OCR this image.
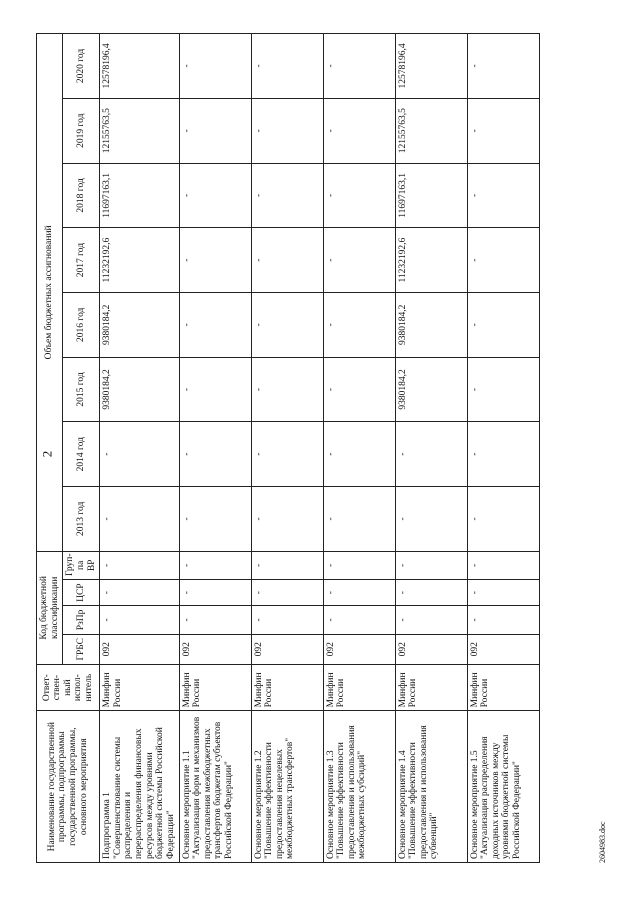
2
Наименование государственной программы, подпрограммы государственной программы, основного мероприятия	Ответ-ствен-ный испол-нитель	Код бюджетной классификации				Объем бюджетных ассигнований							
		ГРБС	РзПр	ЦСР	Груп-па ВР	2013 год	2014 год	2015 год	2016 год	2017 год	2018 год	2019 год	2020 год
Подпрограмма 1 "Совершенствование системы распределения и перераспределения финансовых ресурсов между уровнями бюджетной системы Российской Федерации"	Минфин России	092	-	-	-	-	-	9380184,2	9380184,2	11232192,6	11697163,1	12155763,5	12578196,4
Основное мероприятие 1.1 "Актуализация форм и механизмов предоставления межбюджетных трансфертов бюджетам субъектов Российской Федерации"	Минфин России	092	-	-	-	-	-	-	-	-	-	-	-
Основное мероприятие 1.2 "Повышение эффективности предоставления нецелевых межбюджетных трансфертов"	Минфин России	092	-	-	-	-	-	-	-	-	-	-	-
Основное мероприятие 1.3 "Повышение эффективности предоставления и использования межбюджетных субсидий"	Минфин России	092	-	-	-	-	-	-	-	-	-	-	-
Основное мероприятие 1.4 "Повышение эффективности предоставления и использования субвенций"	Минфин России	092	-	-	-	-	-	9380184,2	9380184,2	11232192,6	11697163,1	12155763,5	12578196,4
Основное мероприятие 1.5 "Актуализация распределения доходных источников между уровнями бюджетной системы Российской Федерации"	Минфин России	092	-	-	-	-	-	-	-	-	-	-	-
2604983.doc
